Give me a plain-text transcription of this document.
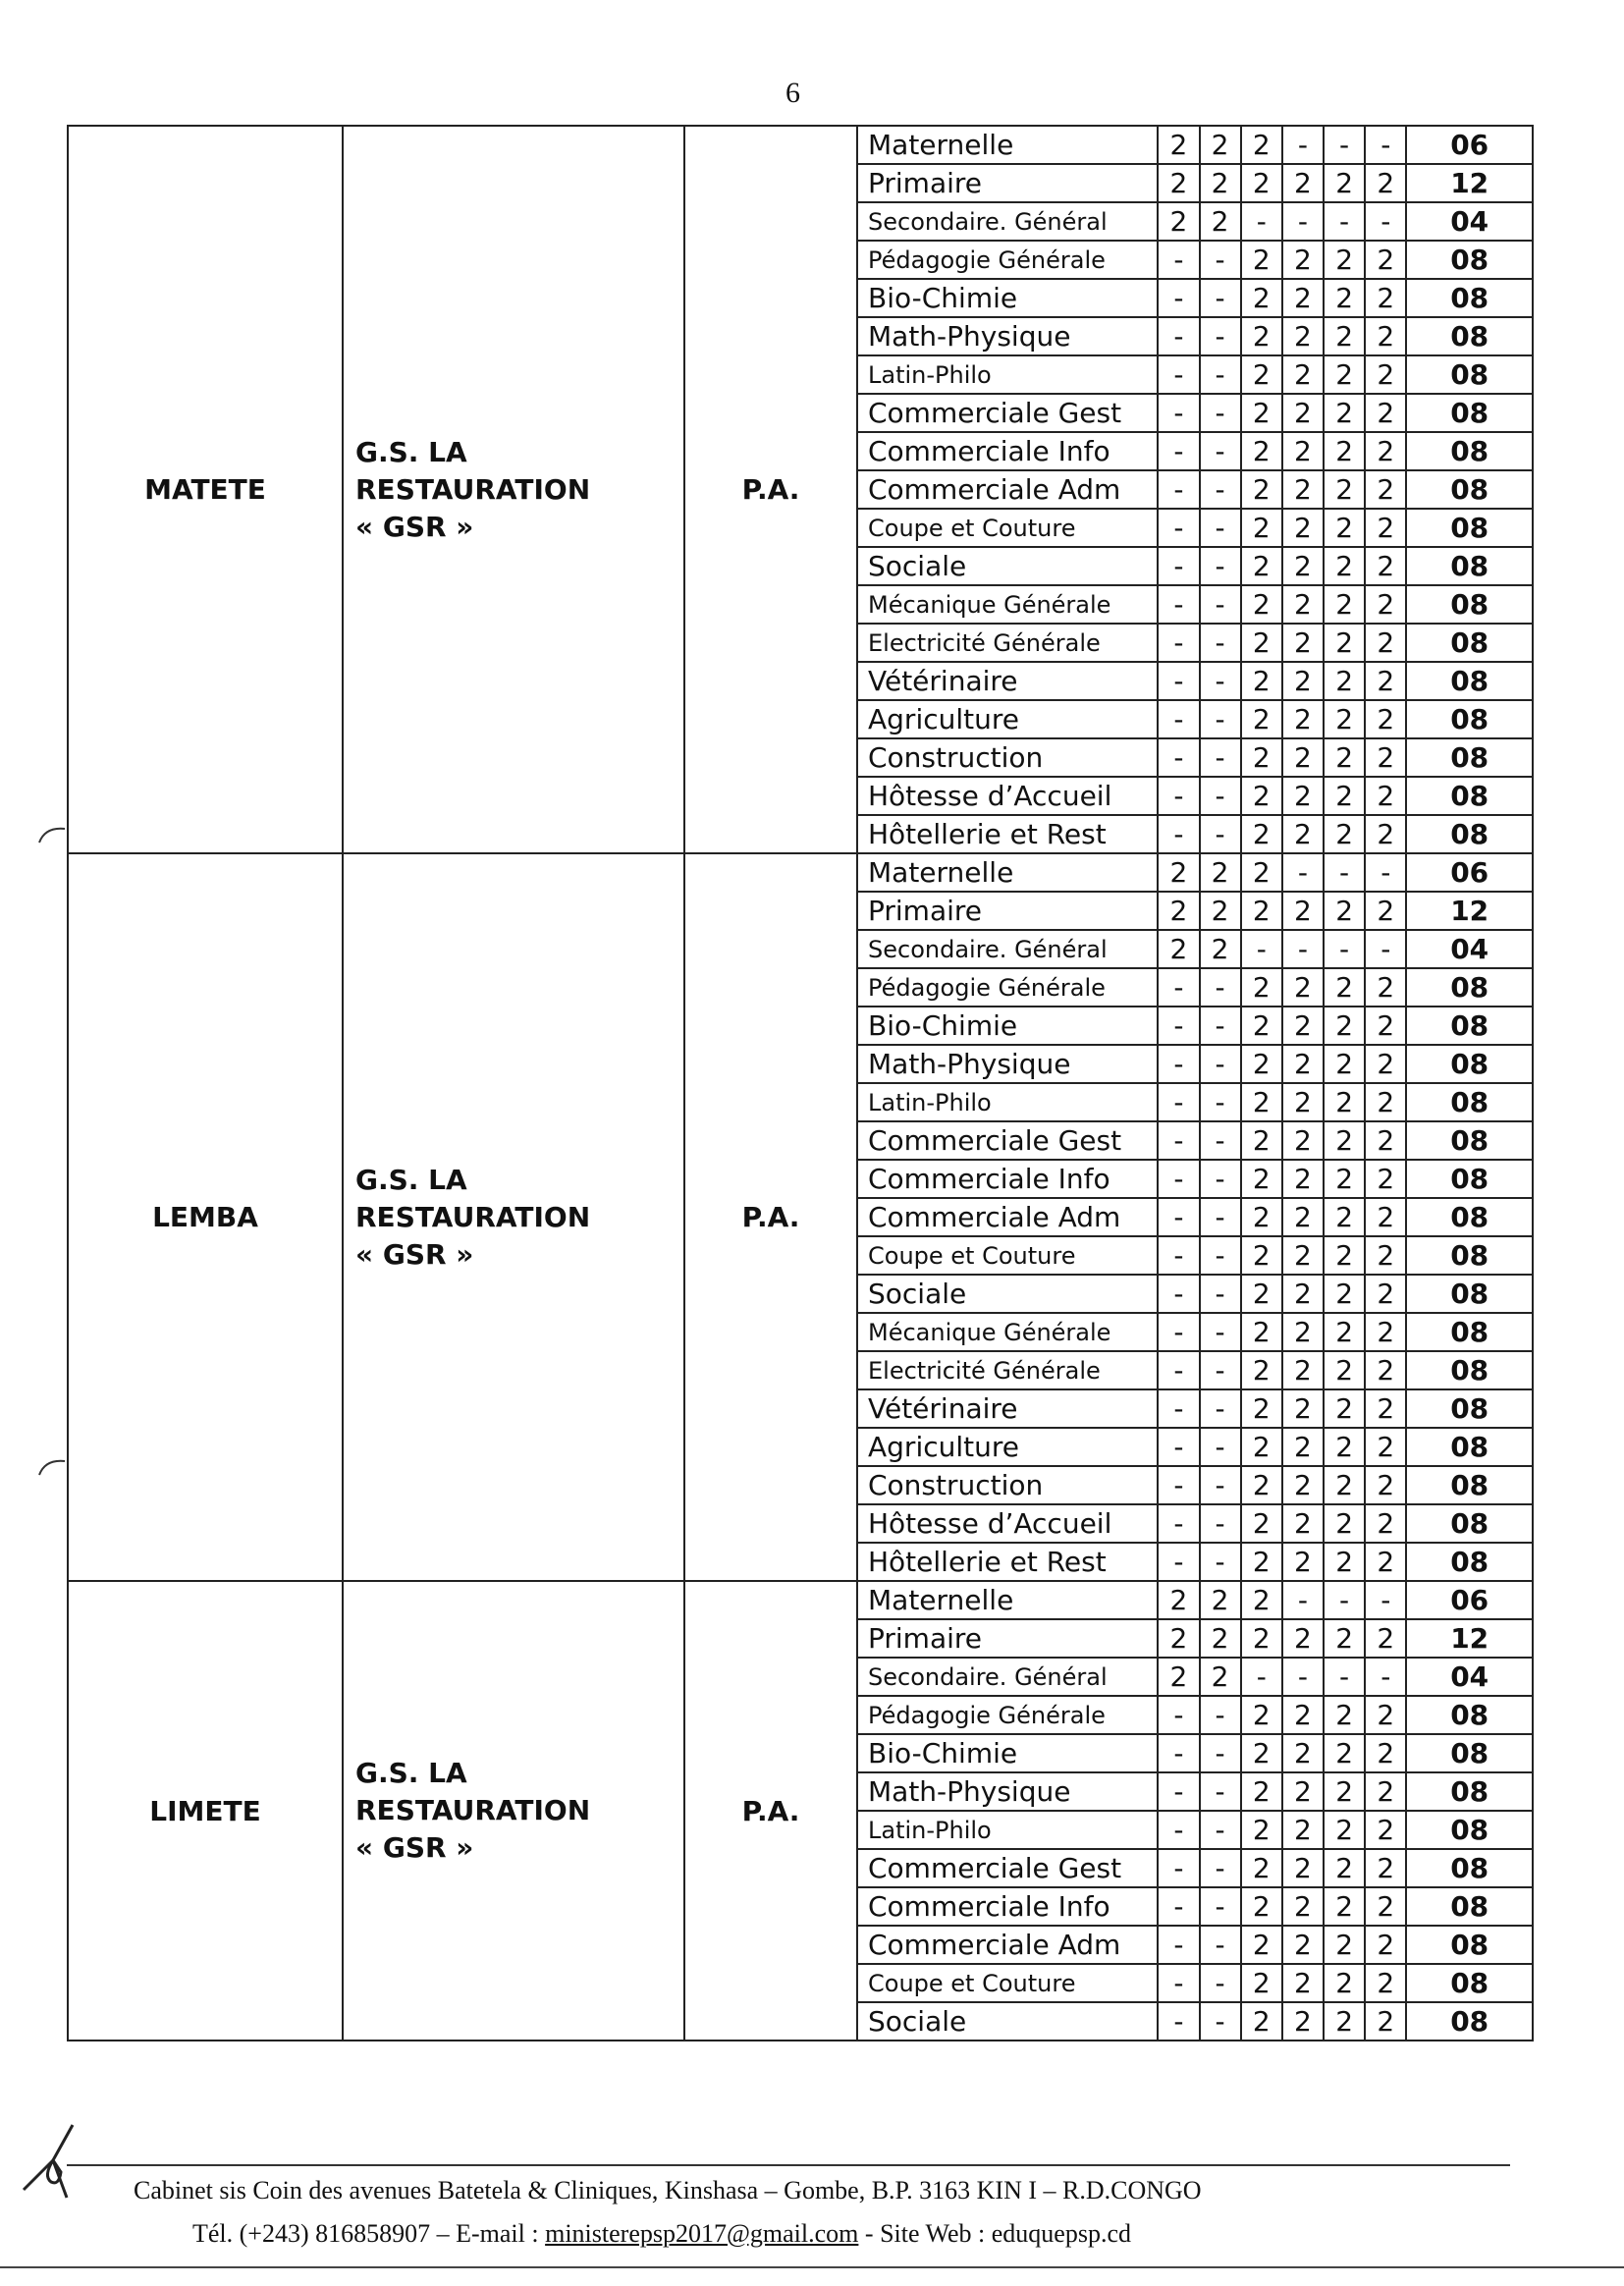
6
MATETE	
G.S. LA
RESTAURATION
« GSR »
	P.A.	
Maternelle	2	2	2	-	-	-	06
Primaire	2	2	2	2	2	2	12
Secondaire. Général	2	2	-	-	-	-	04
Pédagogie Générale	-	-	2	2	2	2	08
Bio-Chimie	-	-	2	2	2	2	08
Math-Physique	-	-	2	2	2	2	08
Latin-Philo	-	-	2	2	2	2	08
Commerciale Gest	-	-	2	2	2	2	08
Commerciale Info	-	-	2	2	2	2	08
Commerciale Adm	-	-	2	2	2	2	08
Coupe et Couture	-	-	2	2	2	2	08
Sociale	-	-	2	2	2	2	08
Mécanique Générale	-	-	2	2	2	2	08
Electricité Générale	-	-	2	2	2	2	08
Vétérinaire	-	-	2	2	2	2	08
Agriculture	-	-	2	2	2	2	08
Construction	-	-	2	2	2	2	08
Hôtesse d’Accueil	-	-	2	2	2	2	08
Hôtellerie et Rest	-	-	2	2	2	2	08

LEMBA	
G.S. LA
RESTAURATION
« GSR »
	P.A.	
Maternelle	2	2	2	-	-	-	06
Primaire	2	2	2	2	2	2	12
Secondaire. Général	2	2	-	-	-	-	04
Pédagogie Générale	-	-	2	2	2	2	08
Bio-Chimie	-	-	2	2	2	2	08
Math-Physique	-	-	2	2	2	2	08
Latin-Philo	-	-	2	2	2	2	08
Commerciale Gest	-	-	2	2	2	2	08
Commerciale Info	-	-	2	2	2	2	08
Commerciale Adm	-	-	2	2	2	2	08
Coupe et Couture	-	-	2	2	2	2	08
Sociale	-	-	2	2	2	2	08
Mécanique Générale	-	-	2	2	2	2	08
Electricité Générale	-	-	2	2	2	2	08
Vétérinaire	-	-	2	2	2	2	08
Agriculture	-	-	2	2	2	2	08
Construction	-	-	2	2	2	2	08
Hôtesse d’Accueil	-	-	2	2	2	2	08
Hôtellerie et Rest	-	-	2	2	2	2	08

LIMETE	
G.S. LA
RESTAURATION
« GSR »
	P.A.	
Maternelle	2	2	2	-	-	-	06
Primaire	2	2	2	2	2	2	12
Secondaire. Général	2	2	-	-	-	-	04
Pédagogie Générale	-	-	2	2	2	2	08
Bio-Chimie	-	-	2	2	2	2	08
Math-Physique	-	-	2	2	2	2	08
Latin-Philo	-	-	2	2	2	2	08
Commerciale Gest	-	-	2	2	2	2	08
Commerciale Info	-	-	2	2	2	2	08
Commerciale Adm	-	-	2	2	2	2	08
Coupe et Couture	-	-	2	2	2	2	08
Sociale	-	-	2	2	2	2	08
Cabinet sis Coin des avenues Batetela & Cliniques, Kinshasa – Gombe, B.P. 3163 KIN I – R.D.CONGO
Tél. (+243) 816858907 – E-mail : ministerepsp2017@gmail.com - Site Web : eduquepsp.cd
